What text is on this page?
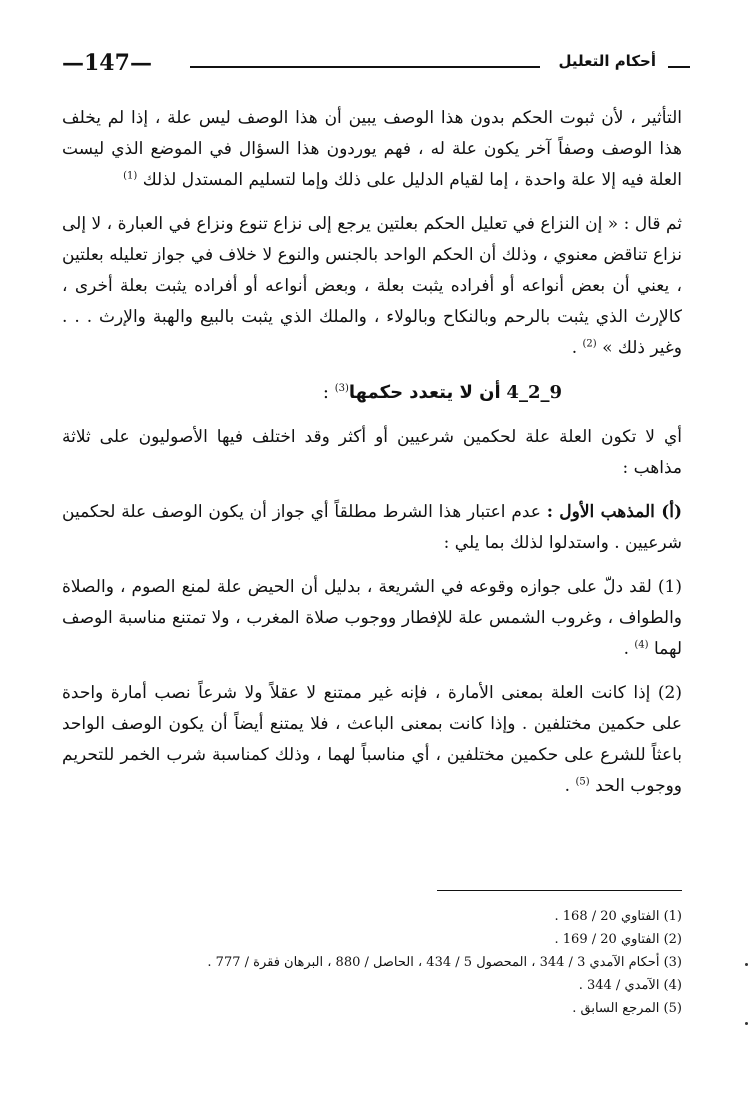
أحكام التعليل
—147—

التأثير ، لأن ثبوت الحكم بدون هذا الوصف يبين أن هذا الوصف ليس علة ، إذا لم يخلف هذا الوصف وصفاً آخر يكون علة له ، فهم يوردون هذا السؤال في الموضع الذي ليست العلة فيه إلا علة واحدة ، إما لقيام الدليل على ذلك وإما لتسليم المستدل لذلك $^{(1)}$

ثم قال : « إن النزاع في تعليل الحكم بعلتين يرجع إلى نزاع تنوع ونزاع في العبارة ، لا إلى نزاع تناقض معنوي ، وذلك أن الحكم الواحد بالجنس والنوع لا خلاف في جواز تعليله بعلتين ، يعني أن بعض أنواعه أو أفراده يثبت بعلة ، وبعض أنواعه أو أفراده يثبت بعلة أخرى ، كالإرث الذي يثبت بالرحم وبالنكاح وبالولاء ، والملك الذي يثبت بالبيع والهبة والإرث . . . وغير ذلك » $^{(2)}$ .

4_2_9 أن لا يتعدد حكمها$^{(3)}$ :

أي لا تكون العلة علة لحكمين شرعيين أو أكثر وقد اختلف فيها الأصوليون على ثلاثة مذاهب :

(أ) المذهب الأول : عدم اعتبار هذا الشرط مطلقاً أي جواز أن يكون الوصف علة لحكمين شرعيين . واستدلوا لذلك بما يلي :

(1) لقد دلّ على جوازه وقوعه في الشريعة ، بدليل أن الحيض علة لمنع الصوم ، والصلاة والطواف ، وغروب الشمس علة للإفطار ووجوب صلاة المغرب ، ولا تمتنع مناسبة الوصف لهما $^{(4)}$ .

(2) إذا كانت العلة بمعنى الأمارة ، فإنه غير ممتنع لا عقلاً ولا شرعاً نصب أمارة واحدة على حكمين مختلفين . وإذا كانت بمعنى الباعث ، فلا يمتنع أيضاً أن يكون الوصف الواحد باعثاً للشرع على حكمين مختلفين ، أي مناسباً لهما ، وذلك كمناسبة شرب الخمر للتحريم ووجوب الحد $^{(5)}$ .

(1) الفتاوي 20 / 168 .

(2) الفتاوي 20 / 169 .

(3) أحكام الآمدي 3 / 344 ، المحصول 5 / 434 ، الحاصل / 880 ، البرهان فقرة / 777 .

(4) الآمدي / 344 .

(5) المرجع السابق .
